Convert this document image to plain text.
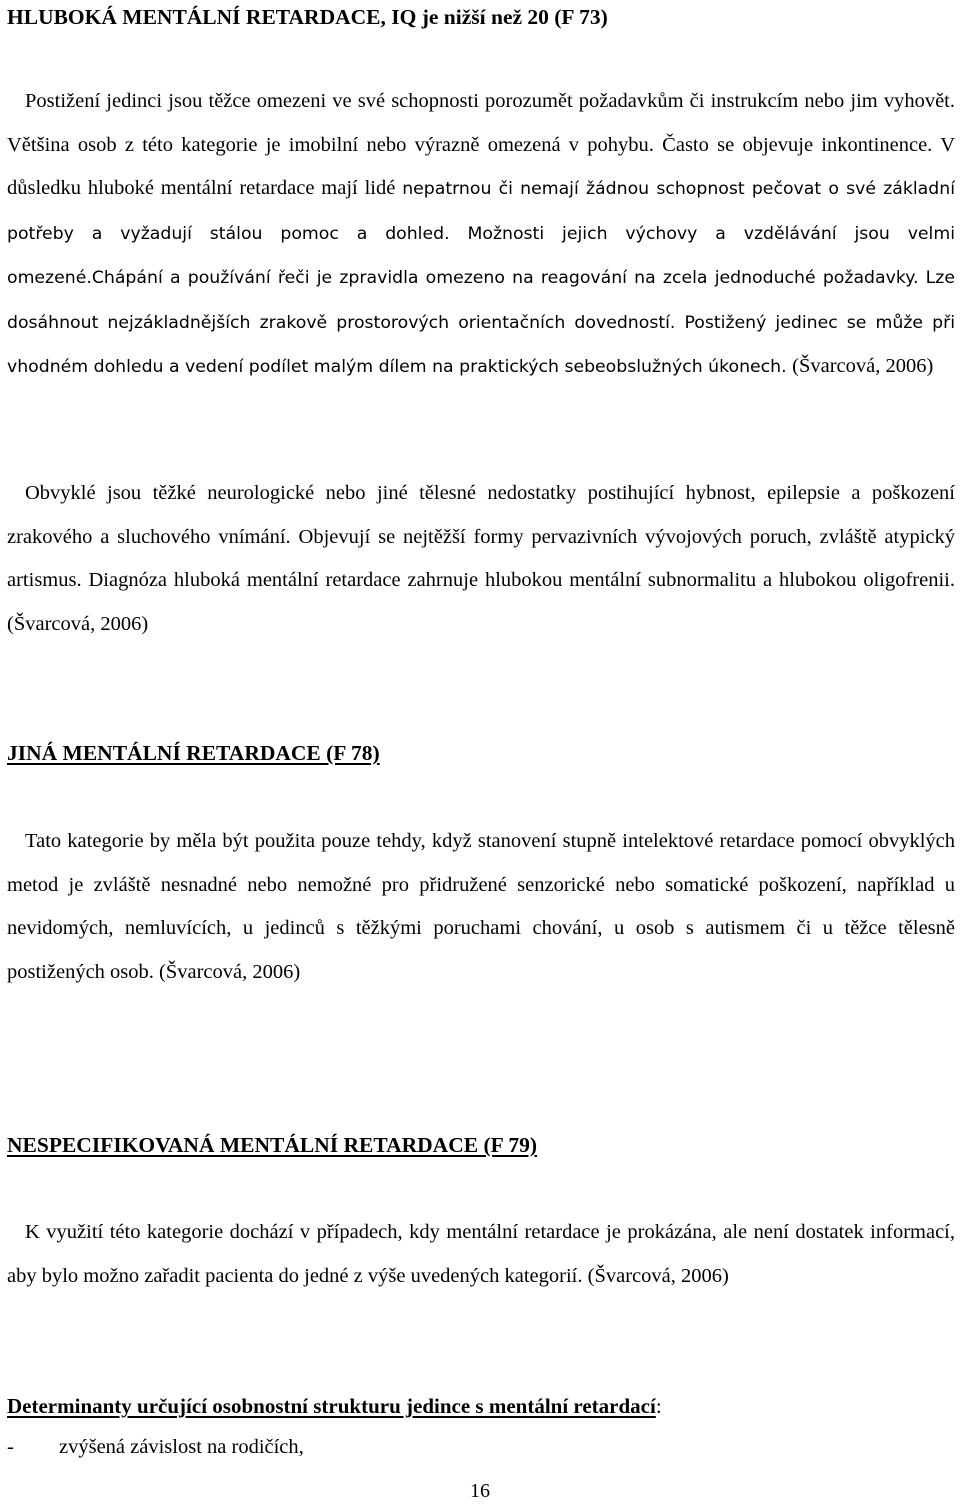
HLUBOKÁ MENTÁLNÍ RETARDACE, IQ je nižší než 20 (F 73)

Postižení jedinci jsou těžce omezeni ve své schopnosti porozumět požadavkům či instrukcím nebo jim vyhovět. Většina osob z této kategorie je imobilní nebo výrazně omezená v pohybu. Často se objevuje inkontinence. V důsledku hluboké mentální retardace mají lidé nepatrnou či nemají žádnou schopnost pečovat o své základní potřeby a vyžadují stálou pomoc a dohled. Možnosti jejich výchovy a vzdělávání jsou velmi omezené.Chápání a používání řeči je zpravidla omezeno na reagování na zcela jednoduché požadavky. Lze dosáhnout nejzákladnějších zrakově prostorových orientačních dovedností. Postižený jedinec se může při vhodném dohledu a vedení podílet malým dílem na praktických sebeobslužných úkonech. (Švarcová, 2006)

Obvyklé jsou těžké neurologické nebo jiné tělesné nedostatky postihující hybnost, epilepsie a poškození zrakového a sluchového vnímání. Objevují se nejtěžší formy pervazivních vývojových poruch, zvláště atypický artismus. Diagnóza hluboká mentální retardace zahrnuje hlubokou mentální subnormalitu a hlubokou oligofrenii. (Švarcová, 2006)

JINÁ MENTÁLNÍ RETARDACE (F 78)

Tato kategorie by měla být použita pouze tehdy, když stanovení stupně intelektové retardace pomocí obvyklých metod je zvláště nesnadné nebo nemožné pro přidružené senzorické nebo somatické poškození, například u nevidomých, nemluvících, u jedinců s těžkými poruchami chování, u osob s autismem či u těžce tělesně postižených osob. (Švarcová, 2006)

NESPECIFIKOVANÁ MENTÁLNÍ RETARDACE (F 79)

K využití této kategorie dochází v případech, kdy mentální retardace je prokázána, ale není dostatek informací, aby bylo možno zařadit pacienta do jedné z výše uvedených kategorií. (Švarcová, 2006)

Determinanty určující osobnostní strukturu jedince s mentální retardací:
- zvýšená závislost na rodičích,
16
